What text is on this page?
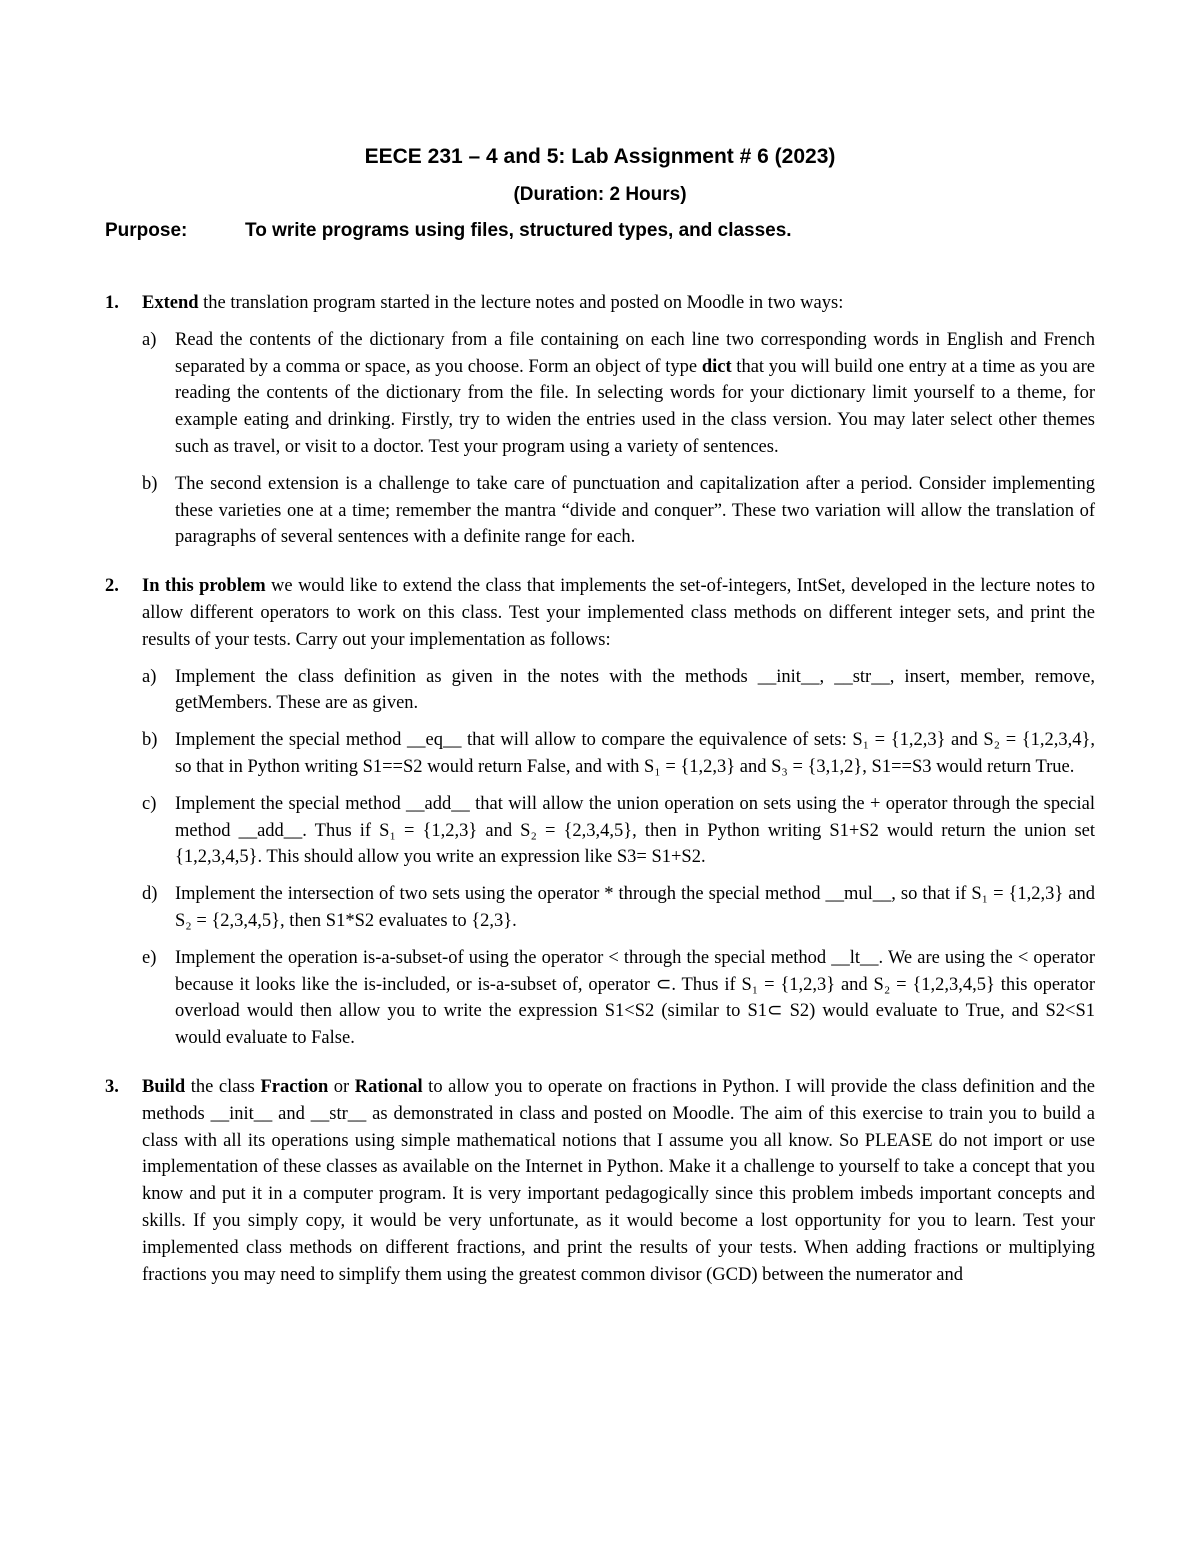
EECE 231 – 4 and 5: Lab Assignment # 6 (2023)
(Duration: 2 Hours)
Purpose:	To write programs using files, structured types, and classes.
1. Extend the translation program started in the lecture notes and posted on Moodle in two ways:

a) Read the contents of the dictionary from a file containing on each line two corresponding words in English and French separated by a comma or space, as you choose. Form an object of type dict that you will build one entry at a time as you are reading the contents of the dictionary from the file. In selecting words for your dictionary limit yourself to a theme, for example eating and drinking. Firstly, try to widen the entries used in the class version. You may later select other themes such as travel, or visit to a doctor. Test your program using a variety of sentences.

b) The second extension is a challenge to take care of punctuation and capitalization after a period. Consider implementing these varieties one at a time; remember the mantra “divide and conquer”. These two variation will allow the translation of paragraphs of several sentences with a definite range for each.

2. In this problem we would like to extend the class that implements the set-of-integers, IntSet, developed in the lecture notes to allow different operators to work on this class. Test your implemented class methods on different integer sets, and print the results of your tests. Carry out your implementation as follows:

a) Implement the class definition as given in the notes with the methods __init__, __str__, insert, member, remove, getMembers. These are as given.

b) Implement the special method __eq__ that will allow to compare the equivalence of sets: S₁ = {1,2,3} and S₂ = {1,2,3,4}, so that in Python writing S1==S2 would return False, and with S₁ = {1,2,3} and S₃ = {3,1,2}, S1==S3 would return True.

c) Implement the special method __add__ that will allow the union operation on sets using the + operator through the special method __add__. Thus if S₁ = {1,2,3} and S₂ = {2,3,4,5}, then in Python writing S1+S2 would return the union set {1,2,3,4,5}. This should allow you write an expression like S3= S1+S2.

d) Implement the intersection of two sets using the operator * through the special method __mul__, so that if S₁ = {1,2,3} and S₂ = {2,3,4,5}, then S1*S2 evaluates to {2,3}.

e) Implement the operation is-a-subset-of using the operator < through the special method __lt__. We are using the < operator because it looks like the is-included, or is-a-subset of, operator ⊂. Thus if S₁ = {1,2,3} and S₂ = {1,2,3,4,5} this operator overload would then allow you to write the expression S1<S2 (similar to S1⊂ S2) would evaluate to True, and S2<S1 would evaluate to False.

3. Build the class Fraction or Rational to allow you to operate on fractions in Python. I will provide the class definition and the methods __init__ and __str__ as demonstrated in class and posted on Moodle. The aim of this exercise to train you to build a class with all its operations using simple mathematical notions that I assume you all know. So PLEASE do not import or use implementation of these classes as available on the Internet in Python. Make it a challenge to yourself to take a concept that you know and put it in a computer program. It is very important pedagogically since this problem imbeds important concepts and skills. If you simply copy, it would be very unfortunate, as it would become a lost opportunity for you to learn. Test your implemented class methods on different fractions, and print the results of your tests. When adding fractions or multiplying fractions you may need to simplify them using the greatest common divisor (GCD) between the numerator and
